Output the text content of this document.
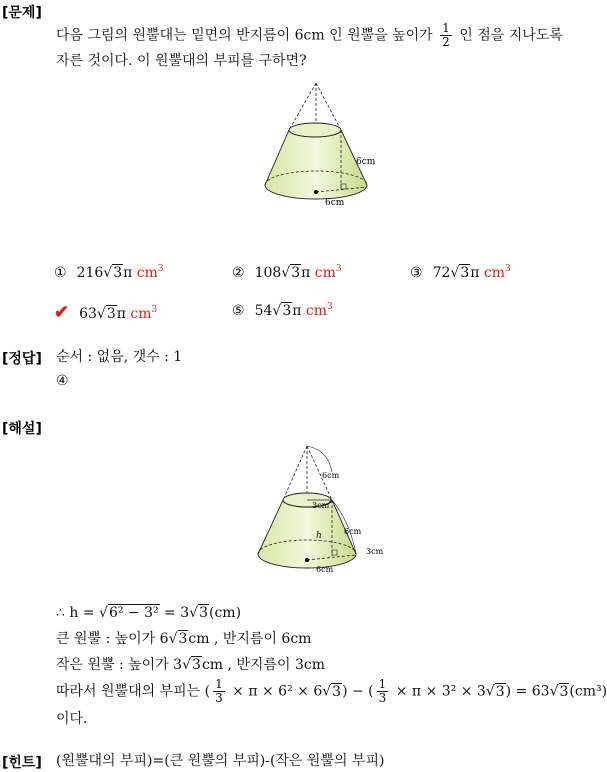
[문제]
다음 그림의 원뿔대는 밑면의 반지름이 6cm 인 원뿔을 높이가 $\frac{1}{2}$ 인 점을 지나도록
자른 것이다. 이 원뿔대의 부피를 구하면?
6cm
6cm
① 216√3π $cm^3$	② 108√3π $cm^3$	③ 72√3π $cm^3$
✔ 63√3π $cm^3$	⑤ 54√3π $cm^3$
[정답] 순서 : 없음, 갯수 : 1
④
[해설]
6cm
3cm
6cm
h
3cm
6cm
∴ h = √6² − 3² = 3√3(cm)
큰 원뿔 : 높이가 6√3cm , 반지름이 6cm
작은 원뿔 : 높이가 3√3cm , 반지름이 3cm
따라서 원뿔대의 부피는 ( $\frac{1}{3} \times \pi \times 6^2 \times 6√3$) − ( $\frac{1}{3} \times \pi \times 3^2 \times 3√3) = 63√3(cm^3)$
이다.
[힌트] (원뿔대의 부피)=(큰 원뿔의 부피)-(작은 원뿔의 부피)
